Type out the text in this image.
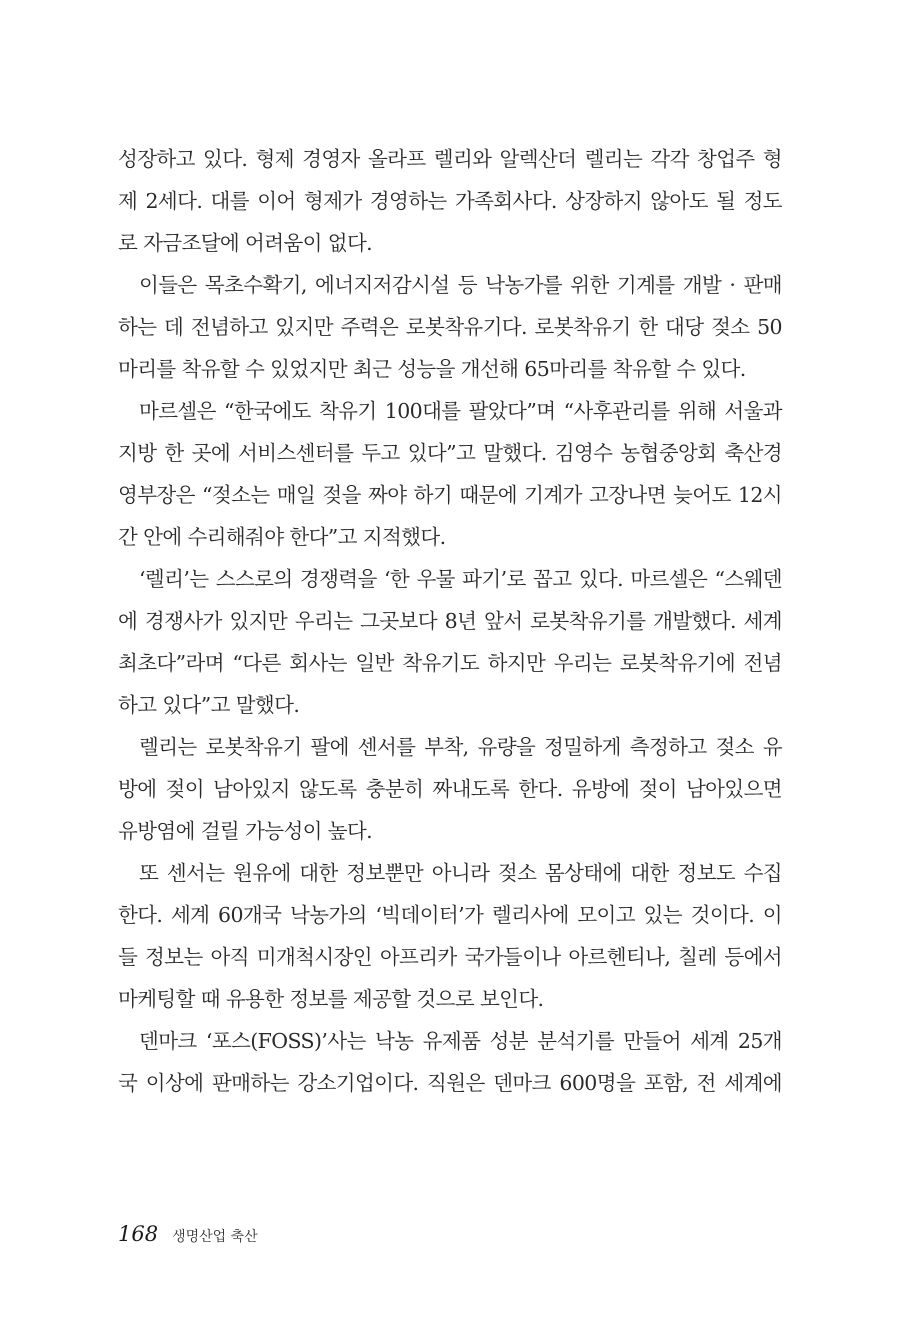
성장하고 있다. 형제 경영자 올라프 렐리와 알렉산더 렐리는 각각 창업주 형
제 2세다. 대를 이어 형제가 경영하는 가족회사다. 상장하지 않아도 될 정도
로 자금조달에 어려움이 없다.

이들은 목초수확기, 에너지저감시설 등 낙농가를 위한 기계를 개발 · 판매
하는 데 전념하고 있지만 주력은 로봇착유기다. 로봇착유기 한 대당 젖소 50
마리를 착유할 수 있었지만 최근 성능을 개선해 65마리를 착유할 수 있다.

마르셀은 “한국에도 착유기 100대를 팔았다”며 “사후관리를 위해 서울과
지방 한 곳에 서비스센터를 두고 있다”고 말했다. 김영수 농협중앙회 축산경
영부장은 “젖소는 매일 젖을 짜야 하기 때문에 기계가 고장나면 늦어도 12시
간 안에 수리해줘야 한다”고 지적했다.

‘렐리’는 스스로의 경쟁력을 ‘한 우물 파기’로 꼽고 있다. 마르셀은 “스웨덴
에 경쟁사가 있지만 우리는 그곳보다 8년 앞서 로봇착유기를 개발했다. 세계
최초다”라며 “다른 회사는 일반 착유기도 하지만 우리는 로봇착유기에 전념
하고 있다”고 말했다.

렐리는 로봇착유기 팔에 센서를 부착, 유량을 정밀하게 측정하고 젖소 유
방에 젖이 남아있지 않도록 충분히 짜내도록 한다. 유방에 젖이 남아있으면
유방염에 걸릴 가능성이 높다.

또 센서는 원유에 대한 정보뿐만 아니라 젖소 몸상태에 대한 정보도 수집
한다. 세계 60개국 낙농가의 ‘빅데이터’가 렐리사에 모이고 있는 것이다. 이
들 정보는 아직 미개척시장인 아프리카 국가들이나 아르헨티나, 칠레 등에서
마케팅할 때 유용한 정보를 제공할 것으로 보인다.

덴마크 ‘포스(FOSS)’사는 낙농 유제품 성분 분석기를 만들어 세계 25개
국 이상에 판매하는 강소기업이다. 직원은 덴마크 600명을 포함, 전 세계에

168 생명산업 축산
